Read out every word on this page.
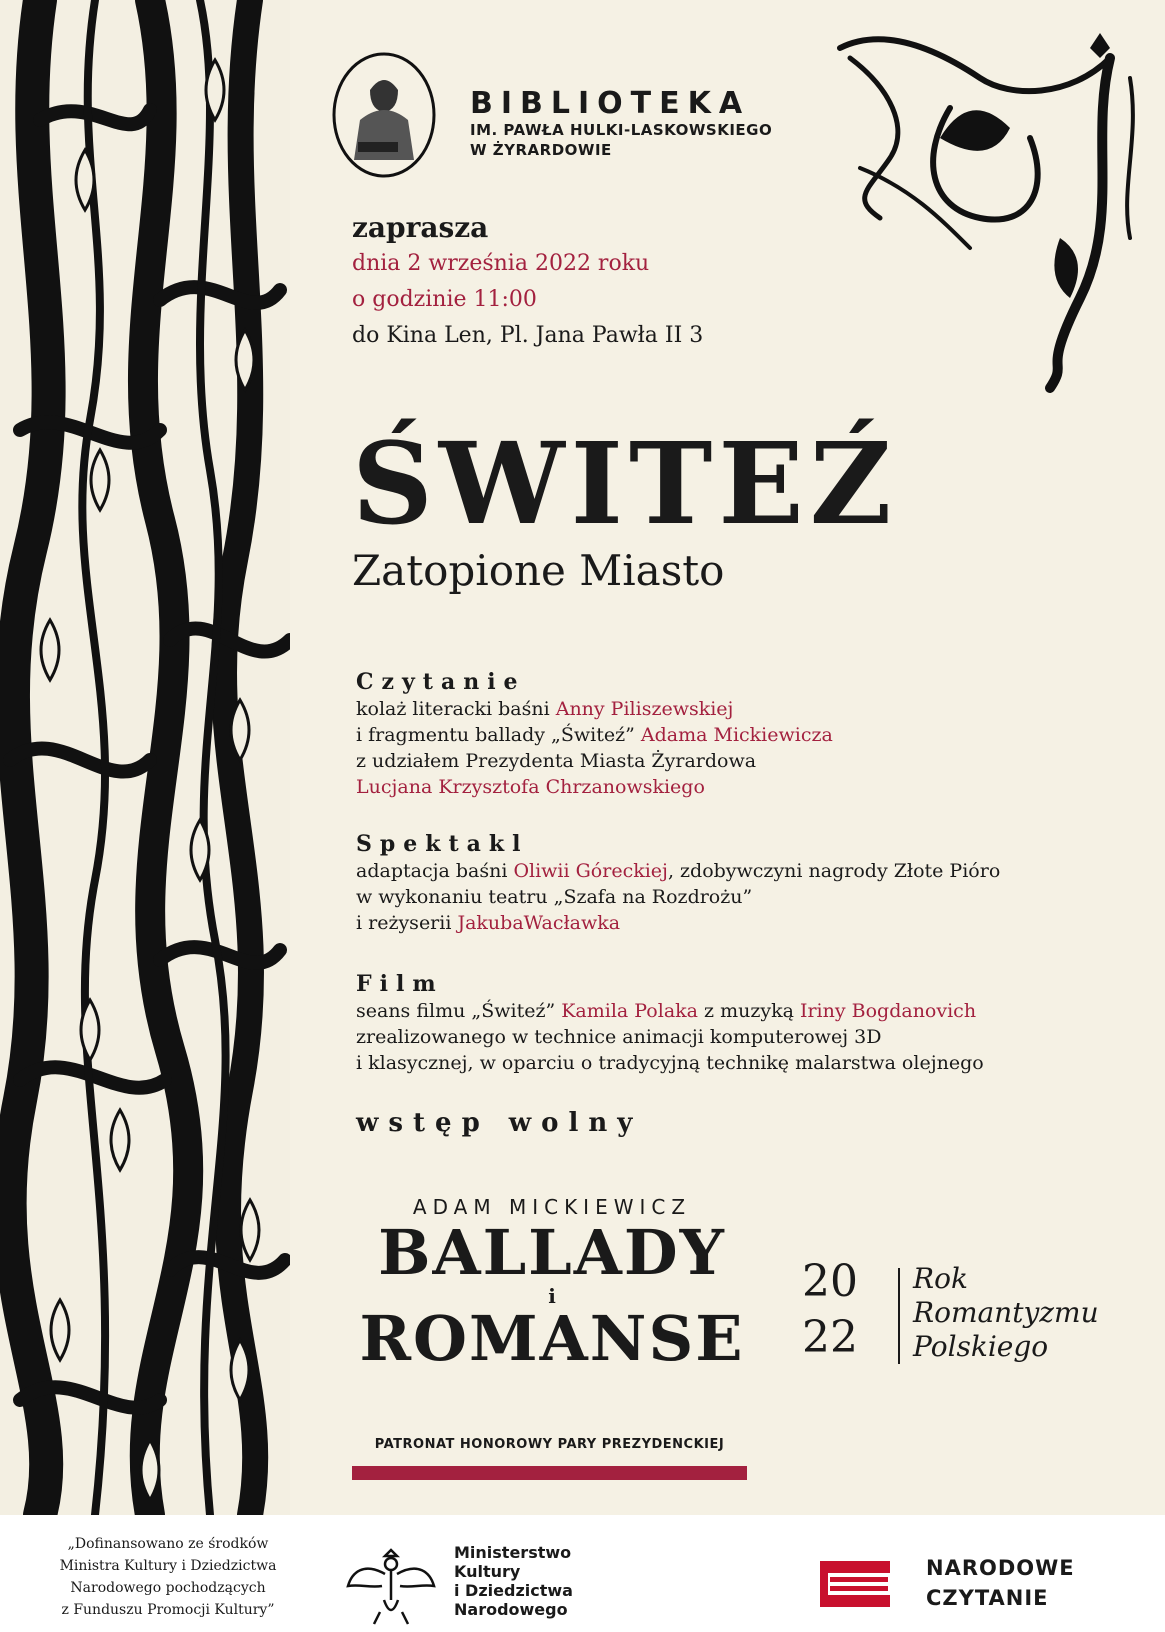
BIBLIOTEKA
IM. PAWŁA HULKI-LASKOWSKIEGO
W ŻYRARDOWIE
zaprasza
dnia 2 września 2022 roku
o godzinie 11:00
do Kina Len, Pl. Jana Pawła II 3
ŚWITEŹ
Zatopione Miasto
Czytanie
kolaż literacki baśni Anny Piliszewskiej
i fragmentu ballady „Świteź” Adama Mickiewicza
z udziałem Prezydenta Miasta Żyrardowa
Lucjana Krzysztofa Chrzanowskiego
Spektakl
adaptacja baśni Oliwii Góreckiej, zdobywczyni nagrody Złote Pióro
w wykonaniu teatru „Szafa na Rozdrożu”
i reżyserii JakubaWacławka
Film
seans filmu „Świteź” Kamila Polaka z muzyką Iriny Bogdanovich
zrealizowanego w technice animacji komputerowej 3D
i klasycznej, w oparciu o tradycyjną technikę malarstwa olejnego
wstęp wolny
ADAM MICKIEWICZ
BALLADY
i
ROMANSE
PATRONAT HONOROWY PARY PREZYDENCKIEJ
20
22
Rok
Romantyzmu
Polskiego
„Dofinansowano ze środków
Ministra Kultury i Dziedzictwa
Narodowego pochodzących
z Funduszu Promocji Kultury”
Ministerstwo
Kultury
i Dziedzictwa
Narodowego
NARODOWE
CZYTANIE
